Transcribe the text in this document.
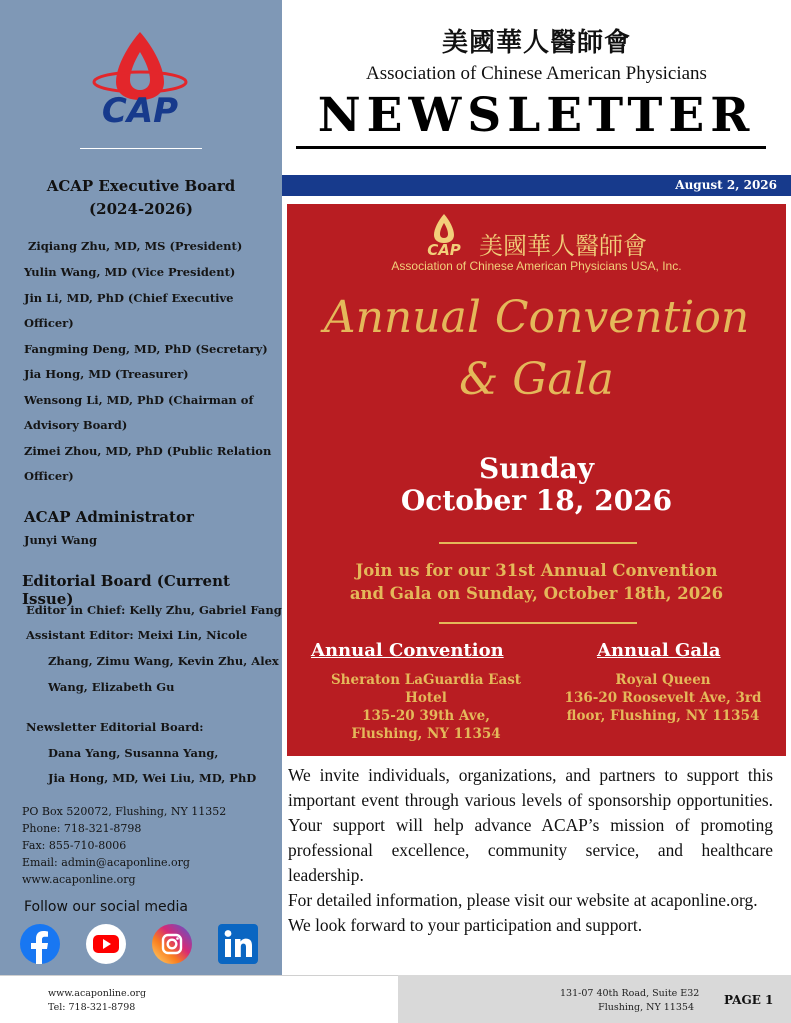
CAP
ACAP Executive Board
(2024-2026)
Ziqiang Zhu, MD, MS (President)
Yulin Wang, MD (Vice President)
Jin Li, MD, PhD (Chief Executive
Officer)
Fangming Deng, MD, PhD (Secretary)
Jia Hong, MD (Treasurer)
Wensong Li, MD, PhD (Chairman of
Advisory Board)
Zimei Zhou, MD, PhD (Public Relation
Officer)
ACAP Administrator
Junyi Wang
Editorial Board (Current Issue)
Editor in Chief: Kelly Zhu, Gabriel Fang
Assistant Editor: Meixi Lin, Nicole
Zhang, Zimu Wang, Kevin Zhu, Alex
Wang, Elizabeth Gu
Newsletter Editorial Board:
Dana Yang, Susanna Yang,
Jia Hong, MD, Wei Liu, MD, PhD
PO Box 520072, Flushing, NY 11352
Phone: 718-321-8798
Fax: 855-710-8006
Email: admin@acaponline.org
www.acaponline.org
Follow our social media
美國華人醫師會
Association of Chinese American Physicians
NEWSLETTER
August 2, 2026
CAP 美國華人醫師會
Association of Chinese American Physicians USA, Inc.
Annual Convention
& Gala
Sunday
October 18, 2026
Join us for our 31st Annual Convention
and Gala on Sunday, October 18th, 2026
Annual Convention
Sheraton LaGuardia East
Hotel
135-20 39th Ave,
Flushing, NY 11354
Annual Gala
Royal Queen
136-20 Roosevelt Ave, 3rd
floor, Flushing, NY 11354

We invite individuals, organizations, and partners to support this important event through various levels of sponsorship opportunities. Your support will help advance ACAP’s mission of promoting professional excellence, community service, and healthcare leadership.

For detailed information, please visit our website at acaponline.org.

We look forward to your participation and support.

www.acaponline.org
Tel: 718-321-8798
131-07 40th Road, Suite E32
Flushing, NY 11354
PAGE 1
